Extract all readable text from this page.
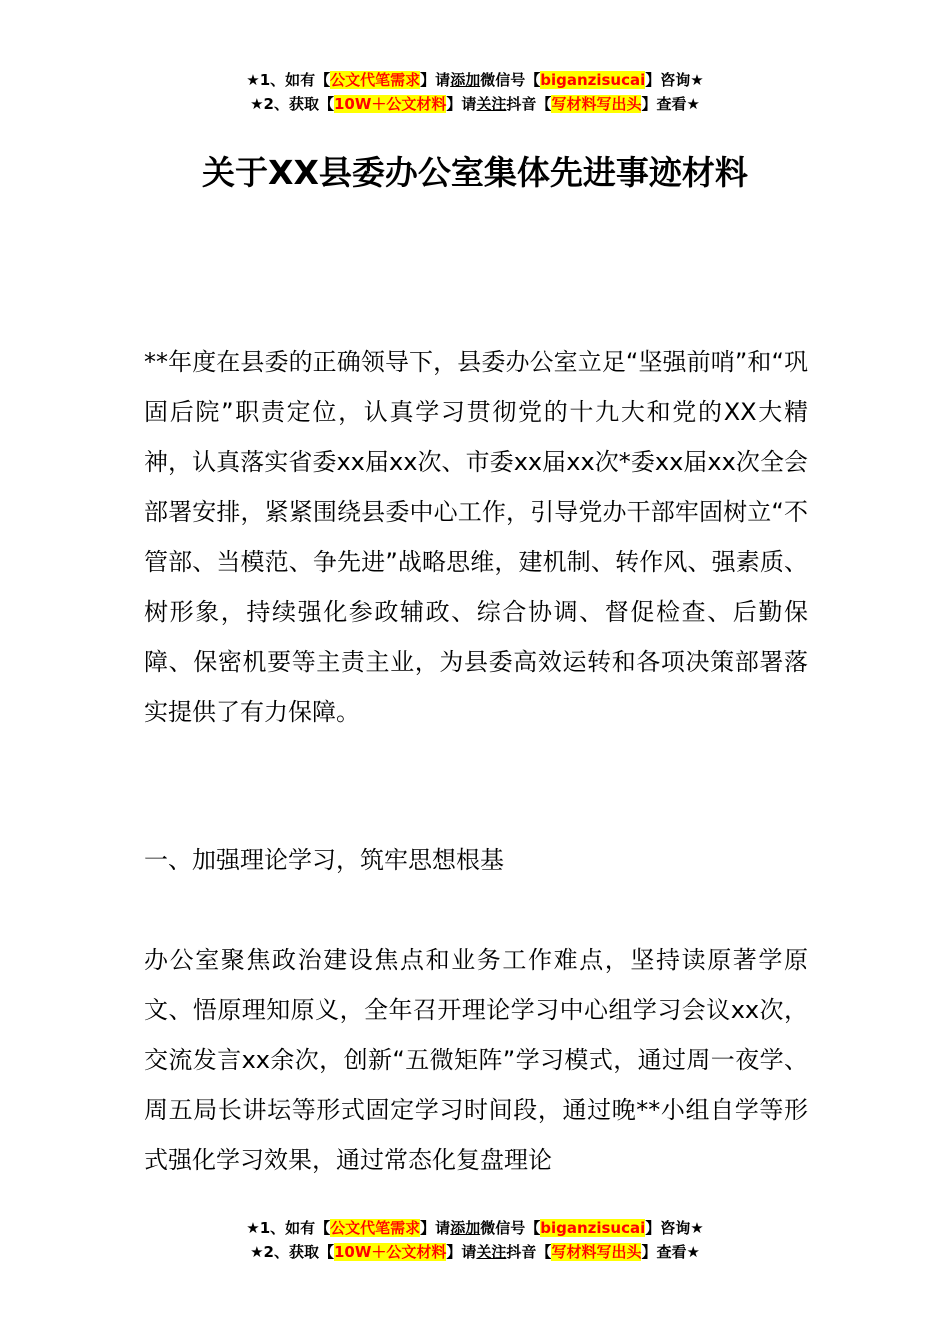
★1、如有【公文代笔需求】请添加微信号【biganzisucai】咨询★
★2、获取【10W＋公文材料】请关注抖音【写材料写出头】查看★
关于XX县委办公室集体先进事迹材料
**年度在县委的正确领导下，县委办公室立足“坚强前哨”和“巩固后院”职责定位，认真学习贯彻党的十九大和党的XX大精神，认真落实省委xx届xx次、市委xx届xx次*委xx届xx次全会部署安排，紧紧围绕县委中心工作，引导党办干部牢固树立“不管部、当模范、争先进”战略思维，建机制、转作风、强素质、树形象，持续强化参政辅政、综合协调、督促检查、后勤保障、保密机要等主责主业，为县委高效运转和各项决策部署落实提供了有力保障。
一、加强理论学习，筑牢思想根基
办公室聚焦政治建设焦点和业务工作难点，坚持读原著学原文、悟原理知原义，全年召开理论学习中心组学习会议xx次，交流发言xx余次，创新“五微矩阵”学习模式，通过周一夜学、周五局长讲坛等形式固定学习时间段，通过晚**小组自学等形式强化学习效果，通过常态化复盘理论
★1、如有【公文代笔需求】请添加微信号【biganzisucai】咨询★
★2、获取【10W＋公文材料】请关注抖音【写材料写出头】查看★
